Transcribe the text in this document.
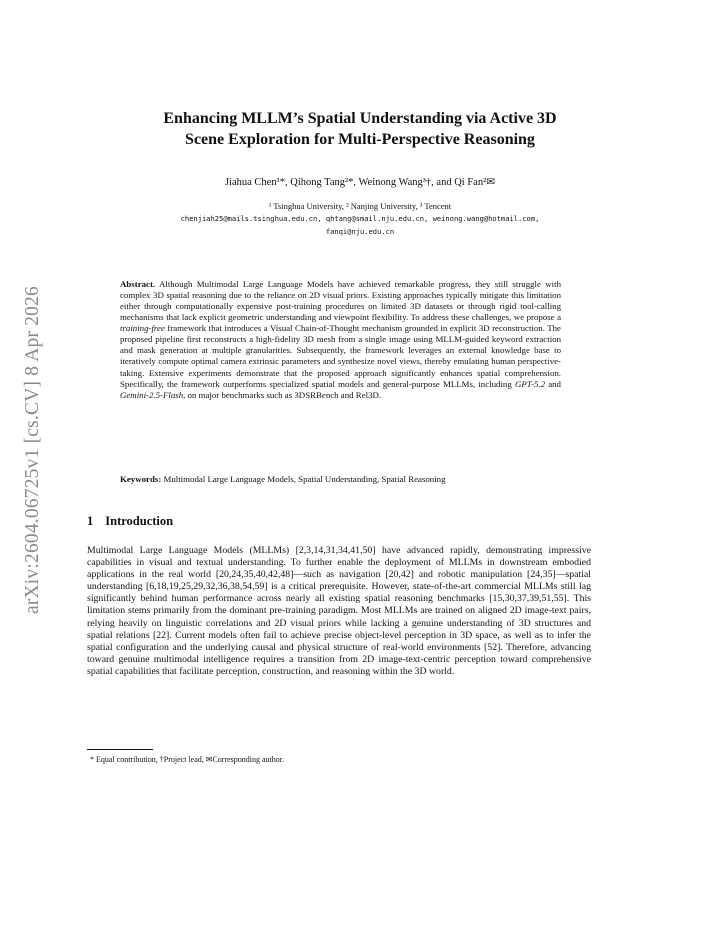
arXiv:2604.06725v1 [cs.CV] 8 Apr 2026
Enhancing MLLM’s Spatial Understanding via Active 3D
Scene Exploration for Multi-Perspective Reasoning
Jiahua Chen¹*, Qihong Tang²*, Weinong Wang³†, and Qi Fan²✉
¹ Tsinghua University, ² Nanjing University, ³ Tencent
chenjiah25@mails.tsinghua.edu.cn, qhtang@smail.nju.edu.cn, weinong.wang@hotmail.com,
fanqi@nju.edu.cn

Abstract. Although Multimodal Large Language Models have achieved remarkable progress, they still struggle with complex 3D spatial reasoning due to the reliance on 2D visual priors. Existing approaches typically mitigate this limitation either through computationally expensive post-training procedures on limited 3D datasets or through rigid tool-calling mechanisms that lack explicit geometric understanding and viewpoint flexibility. To address these challenges, we propose a training-free framework that introduces a Visual Chain-of-Thought mechanism grounded in explicit 3D reconstruction. The proposed pipeline first reconstructs a high-fidelity 3D mesh from a single image using MLLM-guided keyword extraction and mask generation at multiple granularities. Subsequently, the framework leverages an external knowledge base to iteratively compute optimal camera extrinsic parameters and synthesize novel views, thereby emulating human perspective-taking. Extensive experiments demonstrate that the proposed approach significantly enhances spatial comprehension. Specifically, the framework outperforms specialized spatial models and general-purpose MLLMs, including GPT-5.2 and Gemini-2.5-Flash, on major benchmarks such as 3DSRBench and Rel3D.

Keywords: Multimodal Large Language Models, Spatial Understanding, Spatial Reasoning

1 Introduction

Multimodal Large Language Models (MLLMs) [2,3,14,31,34,41,50] have advanced rapidly, demonstrating impressive capabilities in visual and textual understanding. To further enable the deployment of MLLMs in downstream embodied applications in the real world [20,24,35,40,42,48]—such as navigation [20,42] and robotic manipulation [24,35]—spatial understanding [6,18,19,25,29,32,36,38,54,59] is a critical prerequisite. However, state-of-the-art commercial MLLMs still lag significantly behind human performance across nearly all existing spatial reasoning benchmarks [15,30,37,39,51,55]. This limitation stems primarily from the dominant pre-training paradigm. Most MLLMs are trained on aligned 2D image-text pairs, relying heavily on linguistic correlations and 2D visual priors while lacking a genuine understanding of 3D structures and spatial relations [22]. Current models often fail to achieve precise object-level perception in 3D space, as well as to infer the spatial configuration and the underlying causal and physical structure of real-world environments [52]. Therefore, advancing toward genuine multimodal intelligence requires a transition from 2D image-text-centric perception toward comprehensive spatial capabilities that facilitate perception, construction, and reasoning within the 3D world.

* Equal contribution, †Project lead, ✉Corresponding author.
